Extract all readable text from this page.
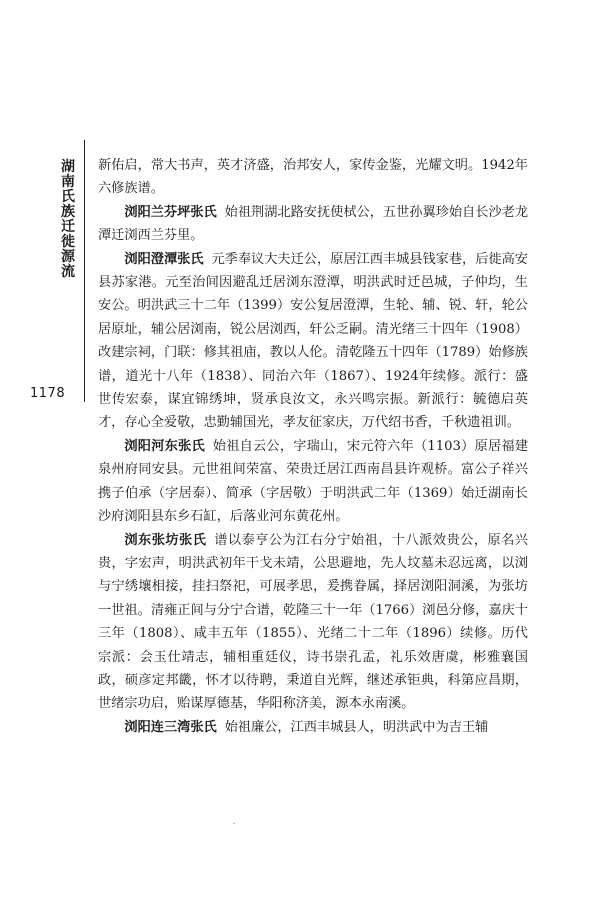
湖南氏族迁徙源流
1178

新佑启，常大书声，英才济盛，治邦安人，家传金鉴，光耀文明。1942年六修族谱。

浏阳兰芬坪张氏 始祖荆湖北路安抚使栻公，五世孙翼珍始自长沙老龙潭迁浏西兰芬里。

浏阳澄潭张氏 元季奉议大夫迁公，原居江西丰城县钱家巷，后徙高安县苏家港。元至治间因避乱迁居浏东澄潭，明洪武时迁邑城，子仲均，生安公。明洪武三十二年（1399）安公复居澄潭，生轮、辅、锐、轩，轮公居原址，辅公居浏南，锐公居浏西，轩公乏嗣。清光绪三十四年（1908）改建宗祠，门联：修其祖庙，教以人伦。清乾隆五十四年（1789）始修族谱，道光十八年（1838）、同治六年（1867）、1924年续修。派行：盛世传宏泰，谋宜锦绣坤，贤承良汝文，永兴鸣宗振。新派行：毓德启英才，存心全爱敬，忠勤辅国光，孝友征家庆，万代绍书香，千秋遗祖训。

浏阳河东张氏 始祖自云公，字瑞山，宋元符六年（1103）原居福建泉州府同安县。元世祖间荣富、荣贵迁居江西南昌县许观桥。富公子祥兴携子伯承（字居泰）、简承（字居敬）于明洪武二年（1369）始迁湖南长沙府浏阳县东乡石缸，后落业河东黄花州。

浏东张坊张氏 谱以泰亨公为江右分宁始祖，十八派效贵公，原名兴贵，字宏声，明洪武初年干戈未靖，公思避地，先人坟墓未忍远离，以浏与宁绣壤相接，挂扫祭祀，可展孝思，爰携眷属，择居浏阳洞溪，为张坊一世祖。清雍正间与分宁合谱，乾隆三十一年（1766）浏邑分修，嘉庆十三年（1808）、咸丰五年（1855）、光绪二十二年（1896）续修。历代宗派：会玉仕靖志，辅相重廷仪，诗书崇孔孟，礼乐效唐虞，彬雅襄国政，硕彦定邦畿，怀才以待聘，秉道自光辉，继述承钜典，科第应昌期，世绪宗功启，贻谋厚德基，华阳称济美，源本永南溪。

浏阳连三湾张氏 始祖廉公，江西丰城县人，明洪武中为吉王辅
